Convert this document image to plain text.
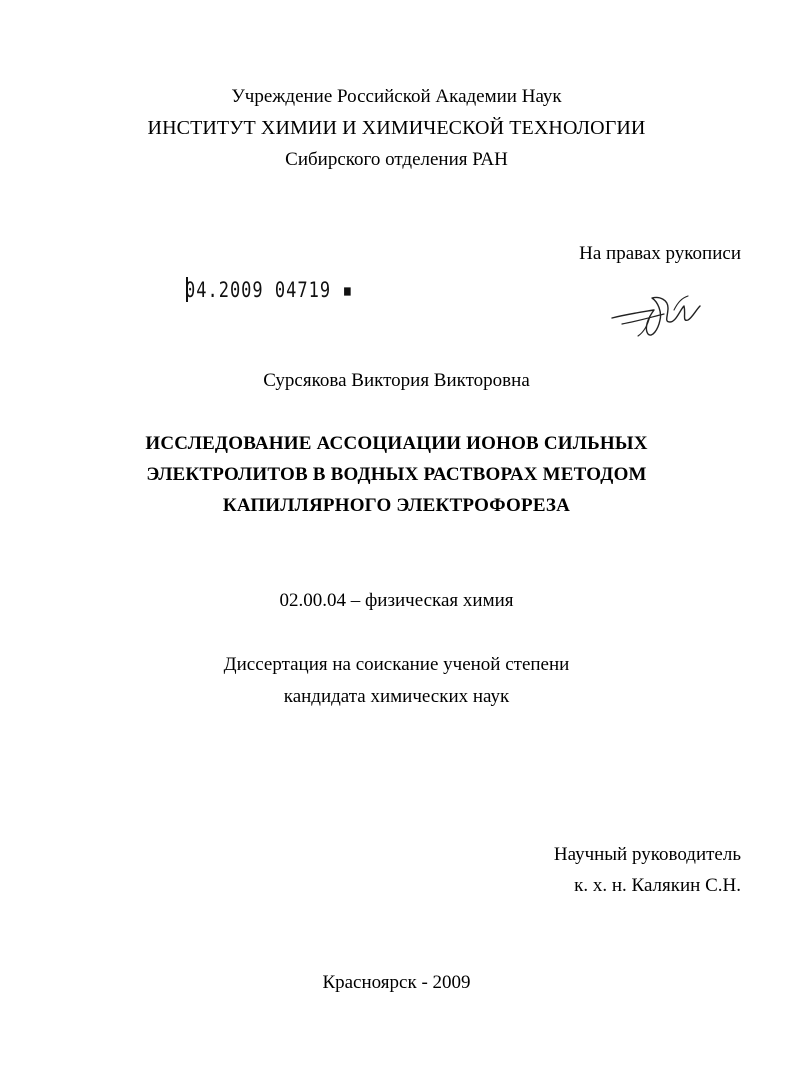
Учреждение Российской Академии Наук
ИНСТИТУТ ХИМИИ И ХИМИЧЕСКОЙ ТЕХНОЛОГИИ
Сибирского отделения РАН
На правах рукописи
04.2009 04719 ▪
Сурсякова Виктория Викторовна
ИССЛЕДОВАНИЕ АССОЦИАЦИИ ИОНОВ СИЛЬНЫХ
ЭЛЕКТРОЛИТОВ В ВОДНЫХ РАСТВОРАХ МЕТОДОМ
КАПИЛЛЯРНОГО ЭЛЕКТРОФОРЕЗА
02.00.04 – физическая химия
Диссертация на соискание ученой степени
кандидата химических наук
Научный руководитель
к. х. н. Калякин С.Н.
Красноярск - 2009
